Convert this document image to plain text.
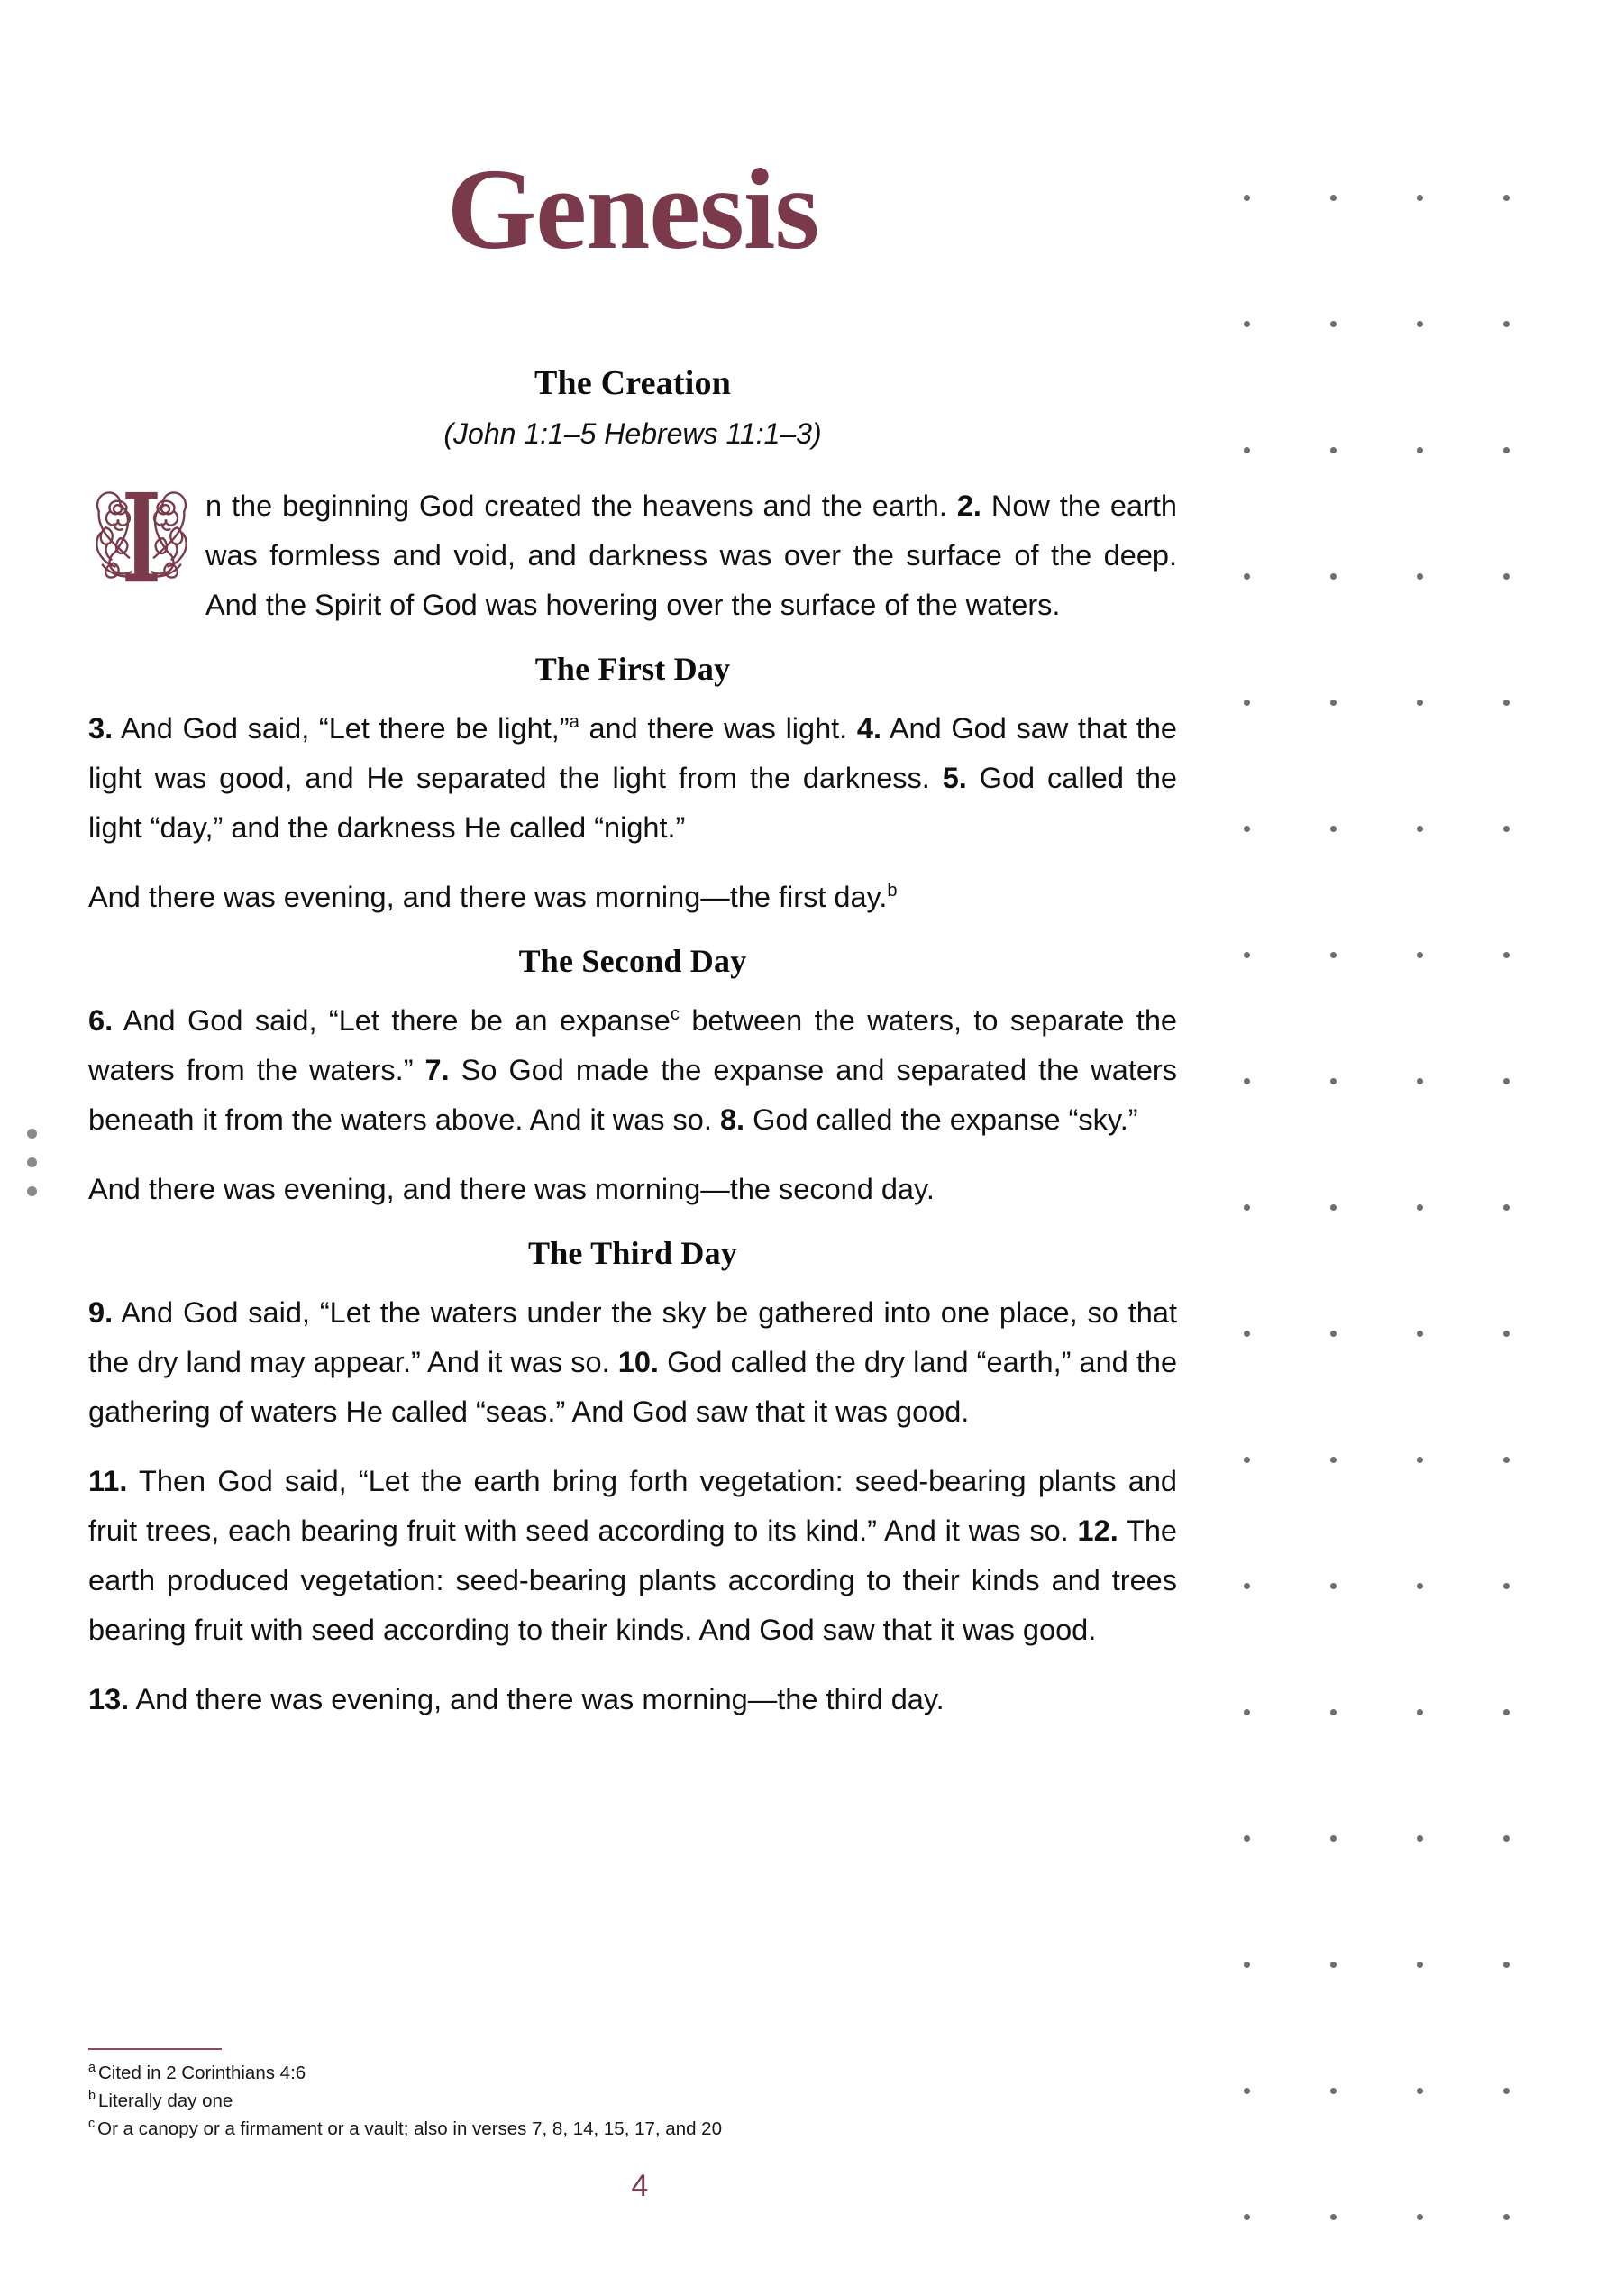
Genesis
The Creation
(John 1:1–5 Hebrews 11:1–3)

n the beginning God created the heavens and the earth. 2. Now the earth was formless and void, and darkness was over the surface of the deep. And the Spirit of God was hovering over the surface of the waters.

The First Day

3. And God said, “Let there be light,”$^a$ and there was light. 4. And God saw that the light was good, and He separated the light from the darkness. 5. God called the light “day,” and the darkness He called “night.”

And there was evening, and there was morning—the first day.$^b$

The Second Day

6. And God said, “Let there be an expanse$^c$ between the waters, to separate the waters from the waters.” 7. So God made the expanse and separated the waters beneath it from the waters above. And it was so. 8. God called the expanse “sky.”

And there was evening, and there was morning—the second day.

The Third Day

9. And God said, “Let the waters under the sky be gathered into one place, so that the dry land may appear.” And it was so. 10. God called the dry land “earth,” and the gathering of waters He called “seas.” And God saw that it was good.

11. Then God said, “Let the earth bring forth vegetation: seed-bearing plants and fruit trees, each bearing fruit with seed according to its kind.” And it was so. 12. The earth produced vegetation: seed-bearing plants according to their kinds and trees bearing fruit with seed according to their kinds. And God saw that it was good.

13. And there was evening, and there was morning—the third day.

$^a$ Cited in 2 Corinthians 4:6

$^b$ Literally day one

$^c$ Or a canopy or a firmament or a vault; also in verses 7, 8, 14, 15, 17, and 20

4
